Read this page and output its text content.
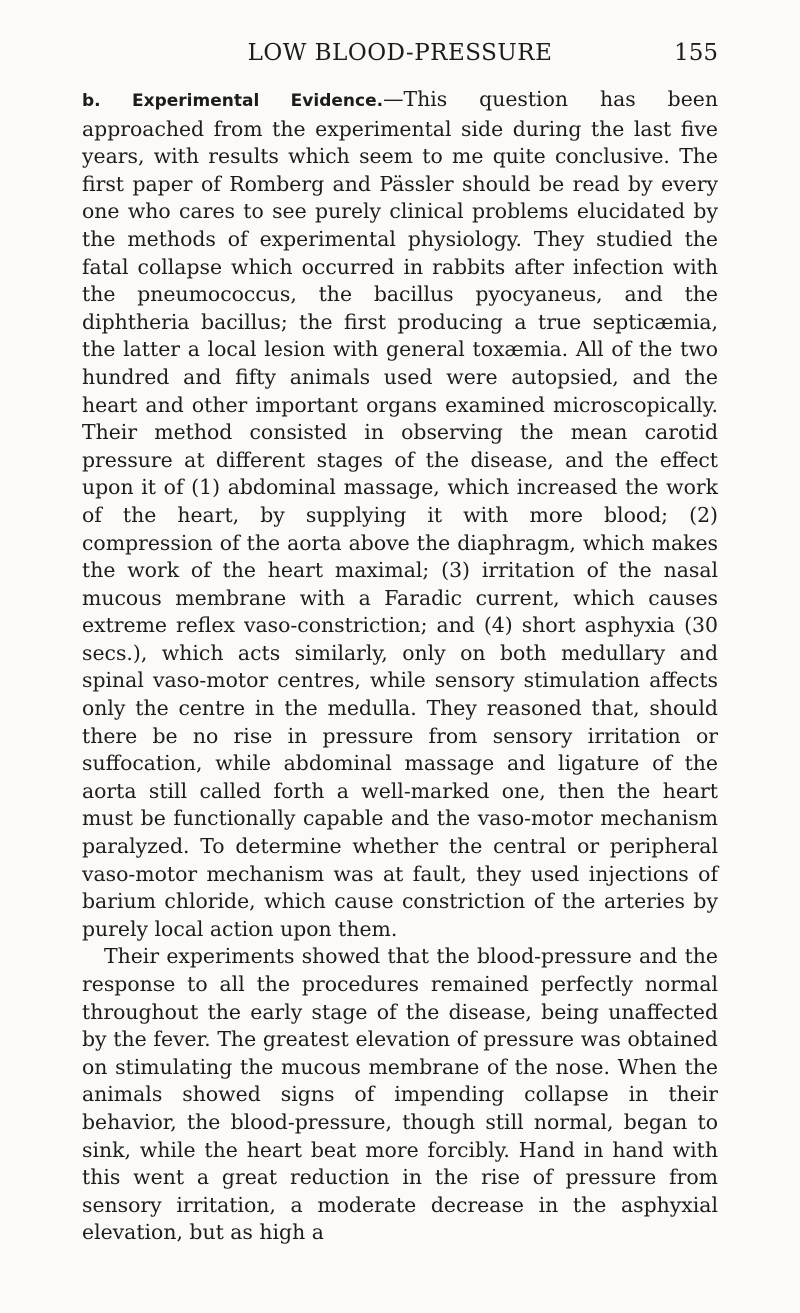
LOW BLOOD-PRESSURE	155

b. Experimental Evidence.—This question has been approached from the experimental side during the last five years, with results which seem to me quite conclusive. The first paper of Romberg and Pässler should be read by every one who cares to see purely clinical problems elucidated by the methods of experimental physiology. They studied the fatal collapse which occurred in rabbits after infection with the pneumococcus, the bacillus pyocyaneus, and the diphtheria bacillus; the first producing a true septicæmia, the latter a local lesion with general toxæmia. All of the two hundred and fifty animals used were autopsied, and the heart and other important organs examined microscopically. Their method consisted in observing the mean carotid pressure at different stages of the disease, and the effect upon it of (1) abdominal massage, which increased the work of the heart, by supplying it with more blood; (2) compression of the aorta above the diaphragm, which makes the work of the heart maximal; (3) irritation of the nasal mucous membrane with a Faradic current, which causes extreme reflex vaso-constriction; and (4) short asphyxia (30 secs.), which acts similarly, only on both medullary and spinal vaso-motor centres, while sensory stimulation affects only the centre in the medulla. They reasoned that, should there be no rise in pressure from sensory irritation or suffocation, while abdominal massage and ligature of the aorta still called forth a well-marked one, then the heart must be functionally capable and the vaso-motor mechanism paralyzed. To determine whether the central or peripheral vaso-motor mechanism was at fault, they used injections of barium chloride, which cause constriction of the arteries by purely local action upon them.

Their experiments showed that the blood-pressure and the response to all the procedures remained perfectly normal throughout the early stage of the disease, being unaffected by the fever. The greatest elevation of pressure was obtained on stimulating the mucous membrane of the nose. When the animals showed signs of impending collapse in their behavior, the blood-pressure, though still normal, began to sink, while the heart beat more forcibly. Hand in hand with this went a great reduction in the rise of pressure from sensory irritation, a moderate decrease in the asphyxial elevation, but as high a
